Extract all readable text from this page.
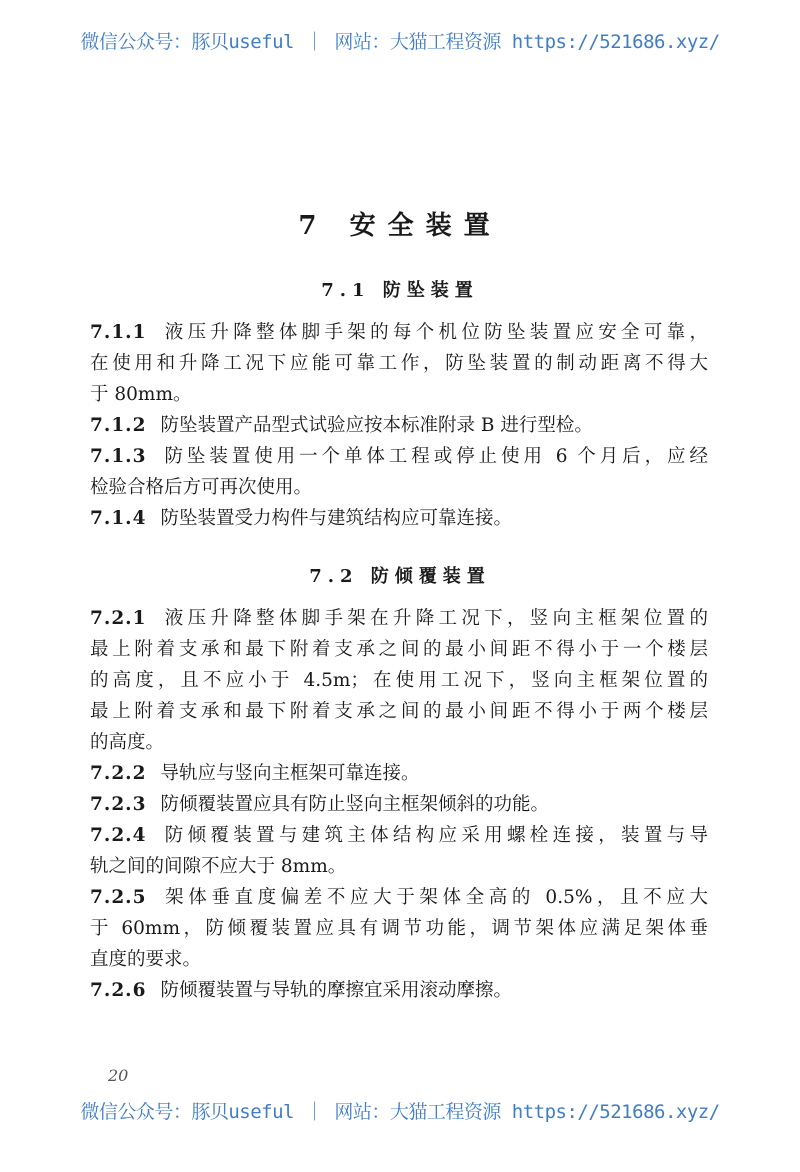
微信公众号：豚贝useful ｜ 网站：大猫工程资源 https://521686.xyz/
7 安全装置
7.1 防坠装置
7.1.1 液压升降整体脚手架的每个机位防坠装置应安全可靠，
在使用和升降工况下应能可靠工作，防坠装置的制动距离不得大
于 80mm。
7.1.2 防坠装置产品型式试验应按本标准附录 B 进行型检。
7.1.3 防坠装置使用一个单体工程或停止使用 6 个月后，应经
检验合格后方可再次使用。
7.1.4 防坠装置受力构件与建筑结构应可靠连接。
7.2 防倾覆装置
7.2.1 液压升降整体脚手架在升降工况下，竖向主框架位置的
最上附着支承和最下附着支承之间的最小间距不得小于一个楼层
的高度，且不应小于 4.5m；在使用工况下，竖向主框架位置的
最上附着支承和最下附着支承之间的最小间距不得小于两个楼层
的高度。
7.2.2 导轨应与竖向主框架可靠连接。
7.2.3 防倾覆装置应具有防止竖向主框架倾斜的功能。
7.2.4 防倾覆装置与建筑主体结构应采用螺栓连接，装置与导
轨之间的间隙不应大于 8mm。
7.2.5 架体垂直度偏差不应大于架体全高的 0.5%，且不应大
于 60mm，防倾覆装置应具有调节功能，调节架体应满足架体垂
直度的要求。
7.2.6 防倾覆装置与导轨的摩擦宜采用滚动摩擦。
20
微信公众号：豚贝useful ｜ 网站：大猫工程资源 https://521686.xyz/
